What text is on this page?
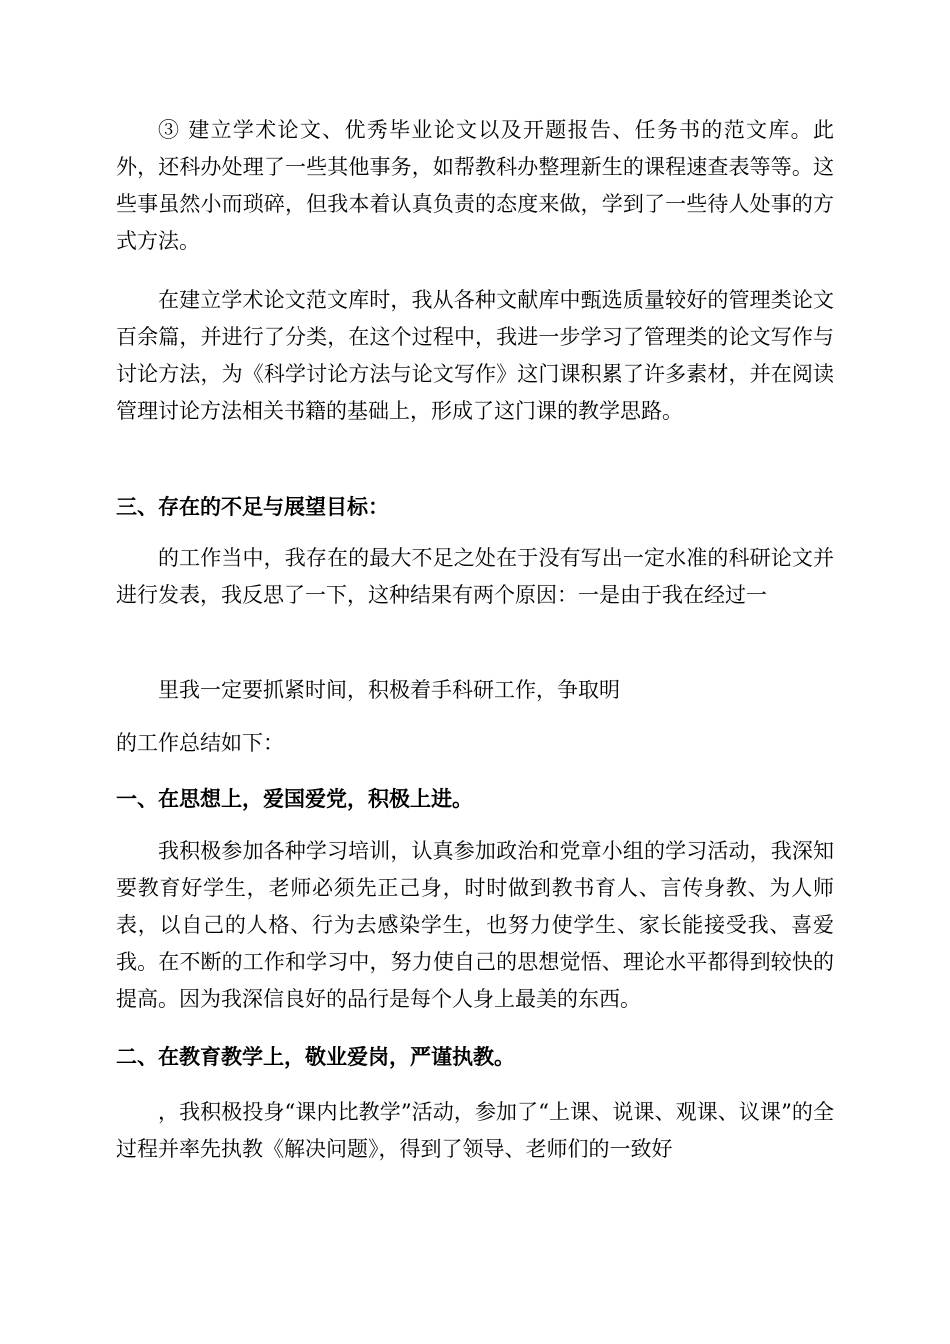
③ 建立学术论文、优秀毕业论文以及开题报告、任务书的范文库。此外，还科办处理了一些其他事务，如帮教科办整理新生的课程速查表等等。这些事虽然小而琐碎，但我本着认真负责的态度来做，学到了一些待人处事的方式方法。

在建立学术论文范文库时，我从各种文献库中甄选质量较好的管理类论文百余篇，并进行了分类，在这个过程中，我进一步学习了管理类的论文写作与讨论方法，为《科学讨论方法与论文写作》这门课积累了许多素材，并在阅读管理讨论方法相关书籍的基础上，形成了这门课的教学思路。

三、存在的不足与展望目标：

的工作当中，我存在的最大不足之处在于没有写出一定水准的科研论文并进行发表，我反思了一下，这种结果有两个原因：一是由于我在经过一

里我一定要抓紧时间，积极着手科研工作，争取明

的工作总结如下：

一、在思想上，爱国爱党，积极上进。

我积极参加各种学习培训，认真参加政治和党章小组的学习活动，我深知要教育好学生，老师必须先正己身，时时做到教书育人、言传身教、为人师表，以自己的人格、行为去感染学生，也努力使学生、家长能接受我、喜爱我。在不断的工作和学习中，努力使自己的思想觉悟、理论水平都得到较快的提高。因为我深信良好的品行是每个人身上最美的东西。

二、在教育教学上，敬业爱岗，严谨执教。

，我积极投身“课内比教学”活动，参加了“上课、说课、观课、议课”的全过程并率先执教《解决问题》，得到了领导、老师们的一致好
